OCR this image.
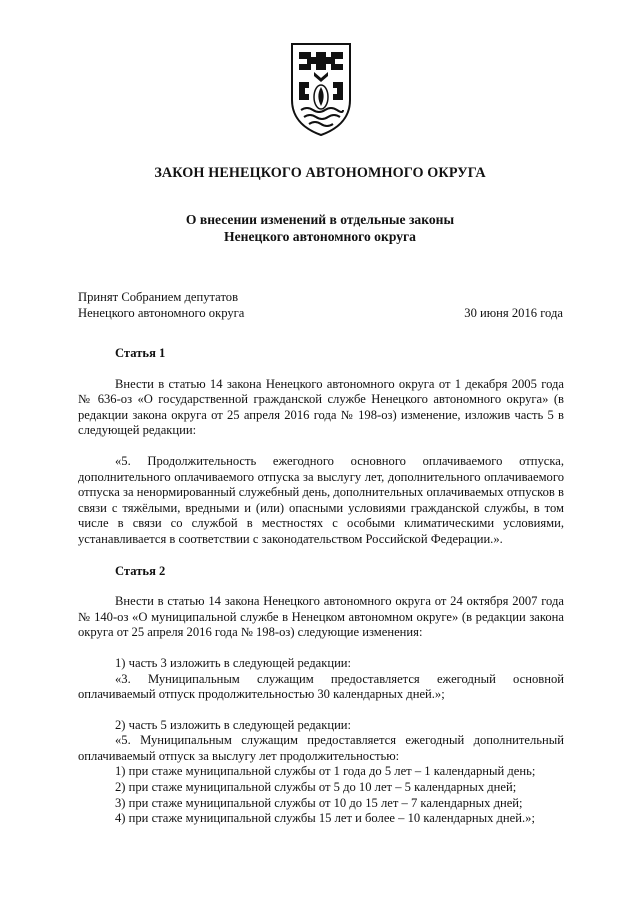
ЗАКОН НЕНЕЦКОГО АВТОНОМНОГО ОКРУГА
О внесении изменений в отдельные законы
Ненецкого автономного округа
Принят Собранием депутатов
Ненецкого автономного округа	30 июня 2016 года

Статья 1

Внести в статью 14 закона Ненецкого автономного округа от 1 декабря 2005 года № 636-оз «О государственной гражданской службе Ненецкого автономного округа» (в редакции закона округа от 25 апреля 2016 года № 198-оз) изменение, изложив часть 5 в следующей редакции:

«5. Продолжительность ежегодного основного оплачиваемого отпуска, дополнительного оплачиваемого отпуска за выслугу лет, дополнительного оплачиваемого отпуска за ненормированный служебный день, дополнительных оплачиваемых отпусков в связи с тяжёлыми, вредными и (или) опасными условиями гражданской службы, в том числе в связи со службой в местностях с особыми климатическими условиями, устанавливается в соответствии с законодательством Российской Федерации.».

Статья 2

Внести в статью 14 закона Ненецкого автономного округа от 24 октября 2007 года № 140-оз «О муниципальной службе в Ненецком автономном округе» (в редакции закона округа от 25 апреля 2016 года № 198-оз) следующие изменения:

1) часть 3 изложить в следующей редакции:

«3. Муниципальным служащим предоставляется ежегодный основной оплачиваемый отпуск продолжительностью 30 календарных дней.»;

2) часть 5 изложить в следующей редакции:

«5. Муниципальным служащим предоставляется ежегодный дополнительный оплачиваемый отпуск за выслугу лет продолжительностью:

1) при стаже муниципальной службы от 1 года до 5 лет – 1 календарный день;

2) при стаже муниципальной службы от 5 до 10 лет – 5 календарных дней;

3) при стаже муниципальной службы от 10 до 15 лет – 7 календарных дней;

4) при стаже муниципальной службы 15 лет и более – 10 календарных дней.»;
